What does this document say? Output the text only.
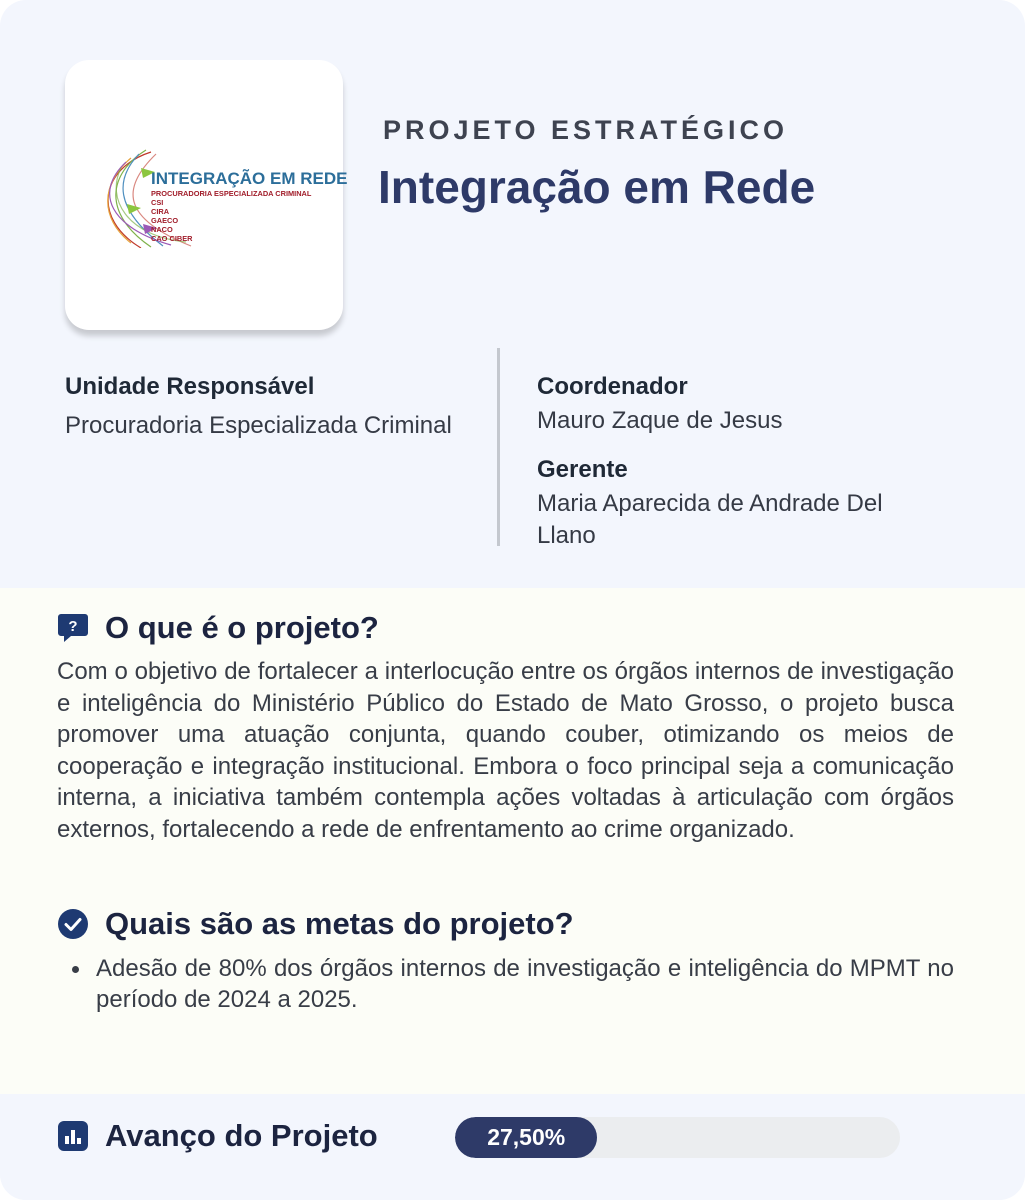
INTEGRAÇÃO EM REDE
PROCURADORIA ESPECIALIZADA CRIMINAL
CSI
CIRA
GAECO
NACO
CAO CIBER
PROJETO ESTRATÉGICO
Integração em Rede
Unidade Responsável
Procuradoria Especializada Criminal
Coordenador
Mauro Zaque de Jesus
Gerente
Maria Aparecida de Andrade Del Llano
? O que é o projeto?
Com o objetivo de fortalecer a interlocução entre os órgãos internos de investigação e inteligência do Ministério Público do Estado de Mato Grosso, o projeto busca promover uma atuação conjunta, quando couber, otimizando os meios de cooperação e integração institucional. Embora o foco principal seja a comunicação interna, a iniciativa também contempla ações voltadas à articulação com órgãos externos, fortalecendo a rede de enfrentamento ao crime organizado.
Quais são as metas do projeto?
Adesão de 80% dos órgãos internos de investigação e inteligência do MPMT no período de 2024 a 2025.
Avanço do Projeto	27,50%
